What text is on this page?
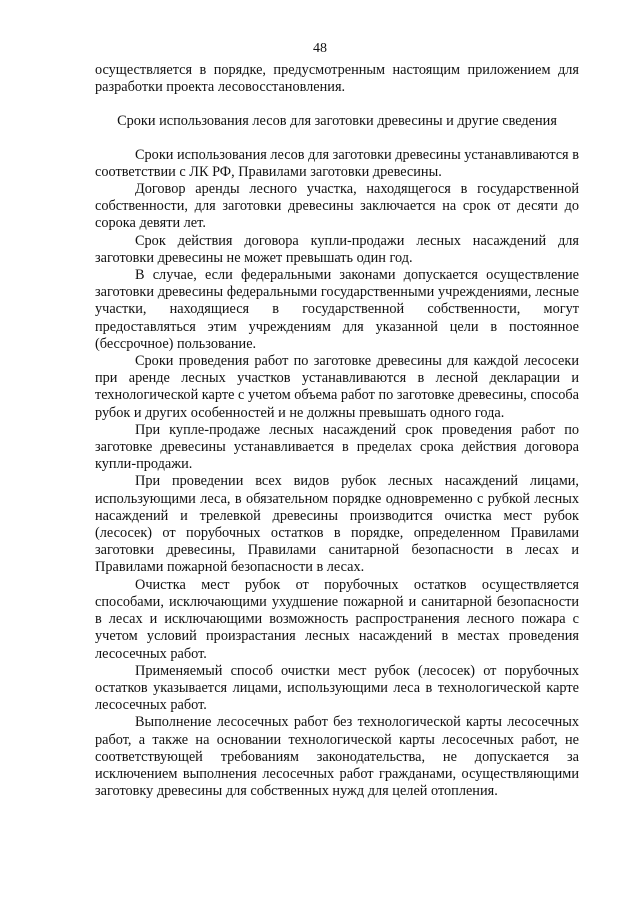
48

осуществляется в порядке, предусмотренным настоящим приложением для разработки проекта лесовосстановления.

Сроки использования лесов для заготовки древесины и другие сведения

Сроки использования лесов для заготовки древесины устанавливаются в соответствии с ЛК РФ, Правилами заготовки древесины.

Договор аренды лесного участка, находящегося в государственной собственности, для заготовки древесины заключается на срок от десяти до сорока девяти лет.

Срок действия договора купли-продажи лесных насаждений для заготовки древесины не может превышать один год.

В случае, если федеральными законами допускается осуществление заготовки древесины федеральными государственными учреждениями, лесные участки, находящиеся в государственной собственности, могут предоставляться этим учреждениям для указанной цели в постоянное (бессрочное) пользование.

Сроки проведения работ по заготовке древесины для каждой лесосеки при аренде лесных участков устанавливаются в лесной декларации и технологической карте с учетом объема работ по заготовке древесины, способа рубок и других особенностей и не должны превышать одного года.

При купле-продаже лесных насаждений срок проведения работ по заготовке древесины устанавливается в пределах срока действия договора купли-продажи.

При проведении всех видов рубок лесных насаждений лицами, использующими леса, в обязательном порядке одновременно с рубкой лесных насаждений и трелевкой древесины производится очистка мест рубок (лесосек) от порубочных остатков в порядке, определенном Правилами заготовки древесины, Правилами санитарной безопасности в лесах и Правилами пожарной безопасности в лесах.

Очистка мест рубок от порубочных остатков осуществляется способами, исключающими ухудшение пожарной и санитарной безопасности в лесах и исключающими возможность распространения лесного пожара с учетом условий произрастания лесных насаждений в местах проведения лесосечных работ.

Применяемый способ очистки мест рубок (лесосек) от порубочных остатков указывается лицами, использующими леса в технологической карте лесосечных работ.

Выполнение лесосечных работ без технологической карты лесосечных работ, а также на основании технологической карты лесосечных работ, не соответствующей требованиям законодательства, не допускается за исключением выполнения лесосечных работ гражданами, осуществляющими заготовку древесины для собственных нужд для целей отопления.
